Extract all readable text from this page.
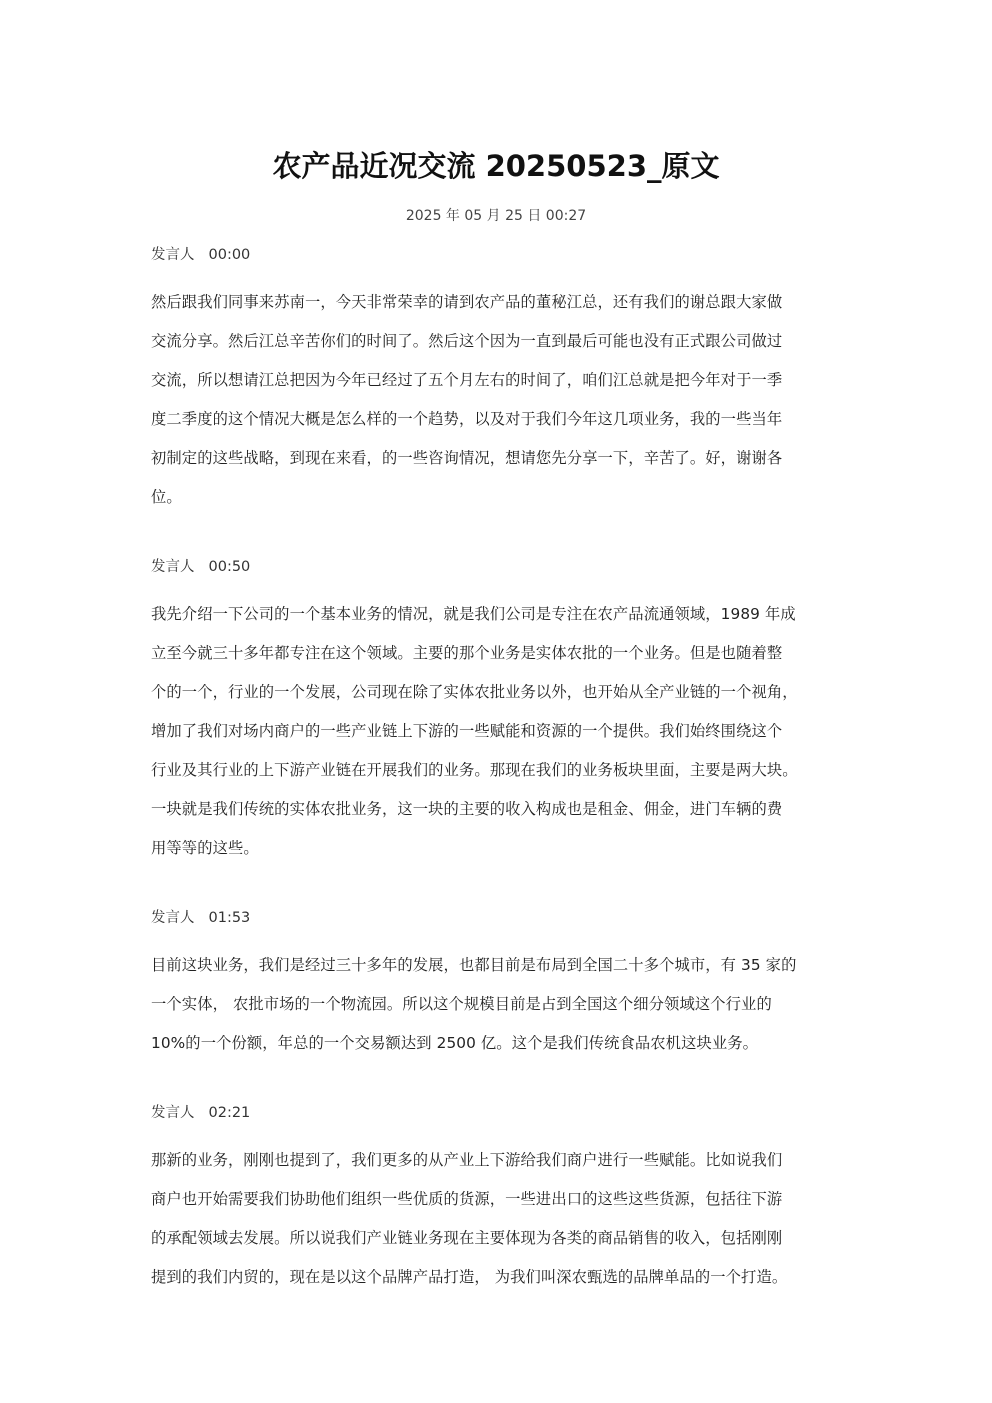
农产品近况交流 20250523_原文
2025 年 05 月 25 日 00:27
发言人 00:00
然后跟我们同事来苏南一，今天非常荣幸的请到农产品的董秘江总，还有我们的谢总跟大家做
交流分享。然后江总辛苦你们的时间了。然后这个因为一直到最后可能也没有正式跟公司做过
交流，所以想请江总把因为今年已经过了五个月左右的时间了，咱们江总就是把今年对于一季
度二季度的这个情况大概是怎么样的一个趋势，以及对于我们今年这几项业务，我的一些当年
初制定的这些战略，到现在来看，的一些咨询情况，想请您先分享一下，辛苦了。好，谢谢各
位。
发言人 00:50
我先介绍一下公司的一个基本业务的情况，就是我们公司是专注在农产品流通领域，1989 年成
立至今就三十多年都专注在这个领域。主要的那个业务是实体农批的一个业务。但是也随着整
个的一个，行业的一个发展，公司现在除了实体农批业务以外，也开始从全产业链的一个视角，
增加了我们对场内商户的一些产业链上下游的一些赋能和资源的一个提供。我们始终围绕这个
行业及其行业的上下游产业链在开展我们的业务。那现在我们的业务板块里面，主要是两大块。
一块就是我们传统的实体农批业务，这一块的主要的收入构成也是租金、佣金，进门车辆的费
用等等的这些。
发言人 01:53
目前这块业务，我们是经过三十多年的发展，也都目前是布局到全国二十多个城市，有 35 家的
一个实体， 农批市场的一个物流园。所以这个规模目前是占到全国这个细分领域这个行业的
10%的一个份额，年总的一个交易额达到 2500 亿。这个是我们传统食品农机这块业务。
发言人 02:21
那新的业务，刚刚也提到了，我们更多的从产业上下游给我们商户进行一些赋能。比如说我们
商户也开始需要我们协助他们组织一些优质的货源，一些进出口的这些这些货源，包括往下游
的承配领域去发展。所以说我们产业链业务现在主要体现为各类的商品销售的收入，包括刚刚
提到的我们内贸的，现在是以这个品牌产品打造， 为我们叫深农甄选的品牌单品的一个打造。
